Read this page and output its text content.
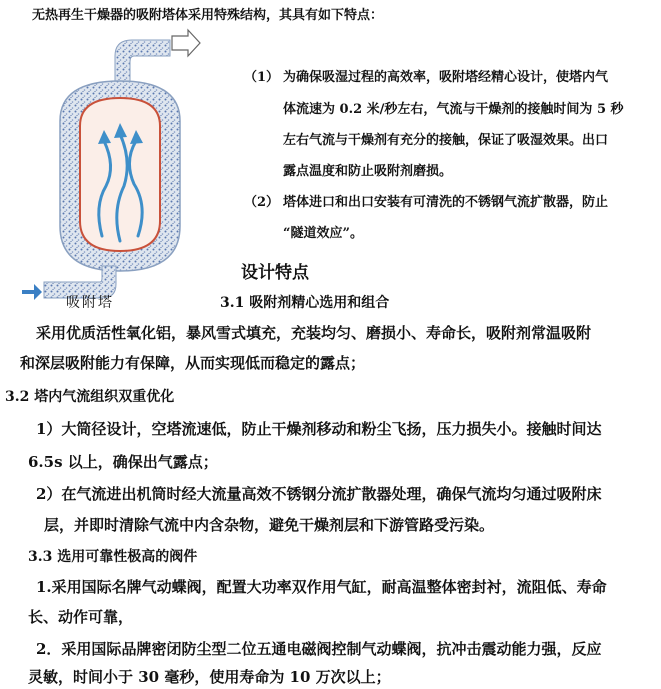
无热再生干燥器的吸附塔体采用特殊结构，其具有如下特点：
吸附塔
（1） 为确保吸湿过程的高效率，吸附塔经精心设计，使塔内气
体流速为 0.2 米/秒左右，气流与干燥剂的接触时间为 5 秒
左右气流与干燥剂有充分的接触，保证了吸湿效果。出口
露点温度和防止吸附剂磨损。
（2） 塔体进口和出口安装有可清洗的不锈钢气流扩散器，防止
“隧道效应”。
设计特点
3.1 吸附剂精心选用和组合
采用优质活性氧化铝，暴风雪式填充，充装均匀、磨损小、寿命长，吸附剂常温吸附
和深层吸附能力有保障，从而实现低而稳定的露点；
3.2 塔内气流组织双重优化
1）大筒径设计，空塔流速低，防止干燥剂移动和粉尘飞扬，压力损失小。接触时间达
6.5s 以上，确保出气露点；
2）在气流进出机筒时经大流量高效不锈钢分流扩散器处理，确保气流均匀通过吸附床
层，并即时清除气流中内含杂物，避免干燥剂层和下游管路受污染。
3.3 选用可靠性极高的阀件
1.采用国际名牌气动蝶阀，配置大功率双作用气缸，耐高温整体密封衬，流阻低、寿命
长、动作可靠，
2．采用国际品牌密闭防尘型二位五通电磁阀控制气动蝶阀，抗冲击震动能力强，反应
灵敏，时间小于 30 毫秒，使用寿命为 10 万次以上；
